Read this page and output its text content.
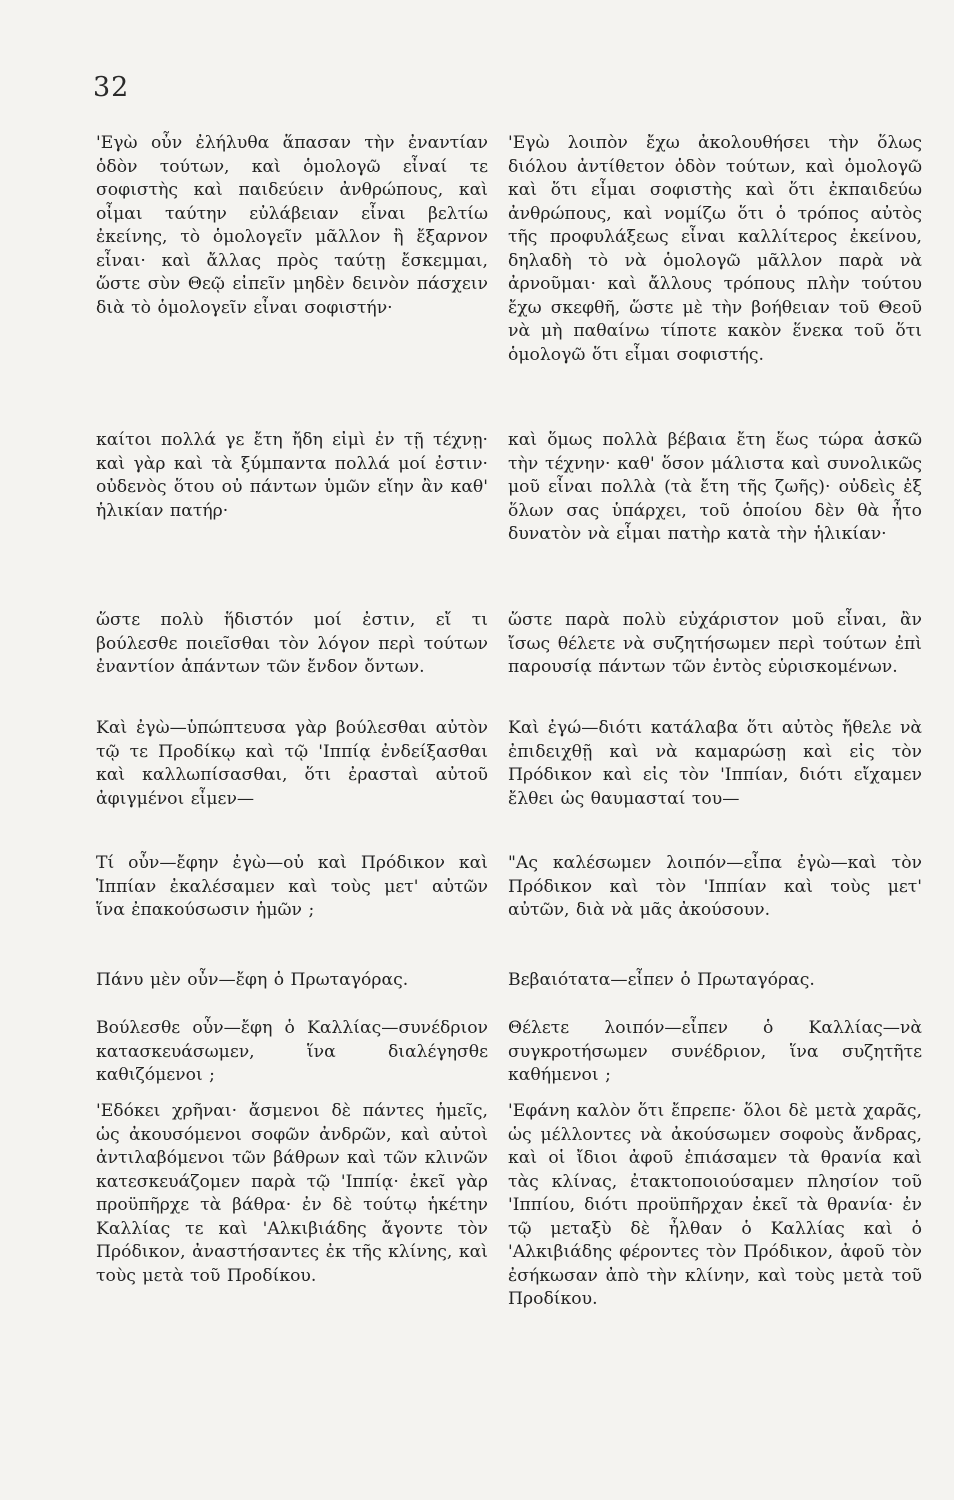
32

'Εγὼ οὖν ἐλήλυθα ἅπασαν τὴν ἐναντίαν ὁδὸν τούτων, καὶ ὁμολογῶ εἶναί τε σοφιστὴς καὶ παιδεύειν ἀνθρώπους, καὶ οἶμαι ταύτην εὐλάβειαν εἶναι βελτίω ἐκείνης, τὸ ὁμολογεῖν μᾶλλον ἢ ἔξαρνον εἶναι· καὶ ἄλλας πρὸς ταύτῃ ἔσκεμμαι, ὥστε σὺν Θεῷ εἰπεῖν μηδὲν δεινὸν πάσχειν διὰ τὸ ὁμολογεῖν εἶναι σοφιστήν·

καίτοι πολλά γε ἔτη ἤδη εἰμὶ ἐν τῇ τέχνῃ· καὶ γὰρ καὶ τὰ ξύμπαντα πολλά μοί ἐστιν· οὐδενὸς ὅτου οὐ πάντων ὑμῶν εἴην ἂν καθ' ἡλικίαν πατήρ·

ὥστε πολὺ ἥδιστόν μοί ἐστιν, εἴ τι βούλεσθε ποιεῖσθαι τὸν λόγον περὶ τούτων ἐναντίον ἁπάντων τῶν ἔνδον ὄντων.

Καὶ ἐγὼ—ὑπώπτευσα γὰρ βούλεσθαι αὐτὸν τῷ τε Προδίκῳ καὶ τῷ 'Ιππίᾳ ἐνδείξασθαι καὶ καλλωπίσασθαι, ὅτι ἐρασταὶ αὐτοῦ ἀφιγμένοι εἶμεν—

Τί οὖν—ἔφην ἐγὼ—οὐ καὶ Πρόδικον καὶ Ἱππίαν ἐκαλέσαμεν καὶ τοὺς μετ' αὐτῶν ἵνα ἐπακούσωσιν ἡμῶν ;

Πάνυ μὲν οὖν—ἔφη ὁ Πρωταγόρας.

Βούλεσθε οὖν—ἔφη ὁ Καλλίας—συνέδριον κατασκευάσωμεν, ἵνα διαλέγησθε καθιζόμενοι ;

'Εδόκει χρῆναι· ἄσμενοι δὲ πάντες ἡμεῖς, ὡς ἀκουσόμενοι σοφῶν ἀνδρῶν, καὶ αὐτοὶ ἀντιλαβόμενοι τῶν βάθρων καὶ τῶν κλινῶν κατεσκευάζομεν παρὰ τῷ 'Ιππίᾳ· ἐκεῖ γὰρ προϋπῆρχε τὰ βάθρα· ἐν δὲ τούτῳ ἡκέτην Καλλίας τε καὶ 'Αλκιβιάδης ἄγοντε τὸν Πρόδικον, ἀναστήσαντες ἐκ τῆς κλίνης, καὶ τοὺς μετὰ τοῦ Προδίκου.

'Εγὼ λοιπὸν ἔχω ἀκολουθήσει τὴν ὅλως διόλου ἀντίθετον ὁδὸν τούτων, καὶ ὁμολογῶ καὶ ὅτι εἶμαι σοφιστὴς καὶ ὅτι ἐκπαιδεύω ἀνθρώπους, καὶ νομίζω ὅτι ὁ τρόπος αὐτὸς τῆς προφυλάξεως εἶναι καλλίτερος ἐκείνου, δηλαδὴ τὸ νὰ ὁμολογῶ μᾶλλον παρὰ νὰ ἀρνοῦμαι· καὶ ἄλλους τρόπους πλὴν τούτου ἔχω σκεφθῆ, ὥστε μὲ τὴν βοήθειαν τοῦ Θεοῦ νὰ μὴ παθαίνω τίποτε κακὸν ἕνεκα τοῦ ὅτι ὁμολογῶ ὅτι εἶμαι σοφιστής.

καὶ ὅμως πολλὰ βέβαια ἔτη ἕως τώρα ἀσκῶ τὴν τέχνην· καθ' ὅσον μάλιστα καὶ συνολικῶς μοῦ εἶναι πολλὰ (τὰ ἔτη τῆς ζωῆς)· οὐδεὶς ἐξ ὅλων σας ὑπάρχει, τοῦ ὁποίου δὲν θὰ ἦτο δυνατὸν νὰ εἶμαι πατὴρ κατὰ τὴν ἡλικίαν·

ὥστε παρὰ πολὺ εὐχάριστον μοῦ εἶναι, ἂν ἴσως θέλετε νὰ συζητήσωμεν περὶ τούτων ἐπὶ παρουσίᾳ πάντων τῶν ἐντὸς εὑρισκομένων.

Καὶ ἐγώ—διότι κατάλαβα ὅτι αὐτὸς ἤθελε νὰ ἐπιδειχθῇ καὶ νὰ καμαρώσῃ καὶ εἰς τὸν Πρόδικον καὶ εἰς τὸν 'Ιππίαν, διότι εἴχαμεν ἔλθει ὡς θαυμασταί του—

"Ας καλέσωμεν λοιπόν—εἶπα ἐγὼ—καὶ τὸν Πρόδικον καὶ τὸν 'Ιππίαν καὶ τοὺς μετ' αὐτῶν, διὰ νὰ μᾶς ἀκούσουν.

Βεβαιότατα—εἶπεν ὁ Πρωταγόρας.

Θέλετε λοιπόν—εἶπεν ὁ Καλλίας—νὰ συγκροτήσωμεν συνέδριον, ἵνα συζητῆτε καθήμενοι ;

'Εφάνη καλὸν ὅτι ἔπρεπε· ὅλοι δὲ μετὰ χαρᾶς, ὡς μέλλοντες νὰ ἀκούσωμεν σοφοὺς ἄνδρας, καὶ οἱ ἴδιοι ἀφοῦ ἐπιάσαμεν τὰ θρανία καὶ τὰς κλίνας, ἐτακτοποιούσαμεν πλησίον τοῦ 'Ιππίου, διότι προϋπῆρχαν ἐκεῖ τὰ θρανία· ἐν τῷ μεταξὺ δὲ ἦλθαν ὁ Καλλίας καὶ ὁ 'Αλκιβιάδης φέροντες τὸν Πρόδικον, ἀφοῦ τὸν ἐσήκωσαν ἀπὸ τὴν κλίνην, καὶ τοὺς μετὰ τοῦ Προδίκου.
